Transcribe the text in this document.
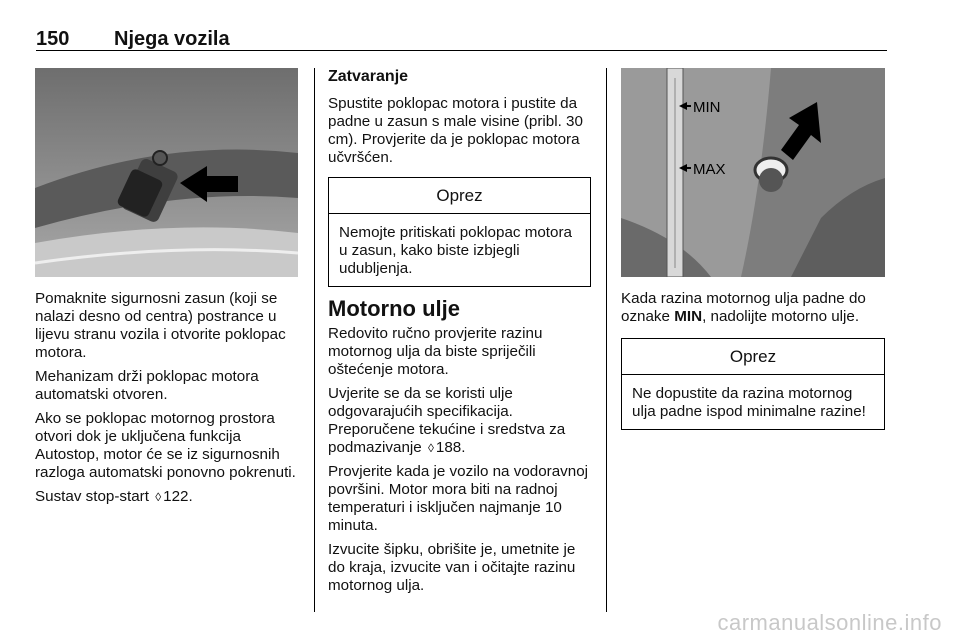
150 Njega vozila

Pomaknite sigurnosni zasun (koji se nalazi desno od centra) postrance u lijevu stranu vozila i otvorite poklopac motora.

Mehanizam drži poklopac motora automatski otvoren.

Ako se poklopac motornog prostora otvori dok je uključena funkcija Autostop, motor će se iz sigurnosnih razloga automatski ponovno pokrenuti.

Sustav stop-start ◊ 122.

Zatvaranje

Spustite poklopac motora i pustite da padne u zasun s male visine (pribl. 30 cm). Provjerite da je poklopac motora učvršćen.

Oprez
Nemojte pritiskati poklopac motora u zasun, kako biste izbjegli udubljenja.
Motorno ulje

Redovito ručno provjerite razinu motornog ulja da biste spriječili oštećenje motora.

Uvjerite se da se koristi ulje odgovarajućih specifikacija.

Preporučene tekućine i sredstva za podmazivanje ◊ 188.

Provjerite kada je vozilo na vodoravnoj površini. Motor mora biti na radnoj temperaturi i isključen najmanje 10 minuta.

Izvucite šipku, obrišite je, umetnite je do kraja, izvucite van i očitajte razinu motornog ulja.

MIN
MAX

Kada razina motornog ulja padne do oznake MIN, nadolijte motorno ulje.

Oprez
Ne dopustite da razina motornog ulja padne ispod minimalne razine!
carmanualsonline.info
